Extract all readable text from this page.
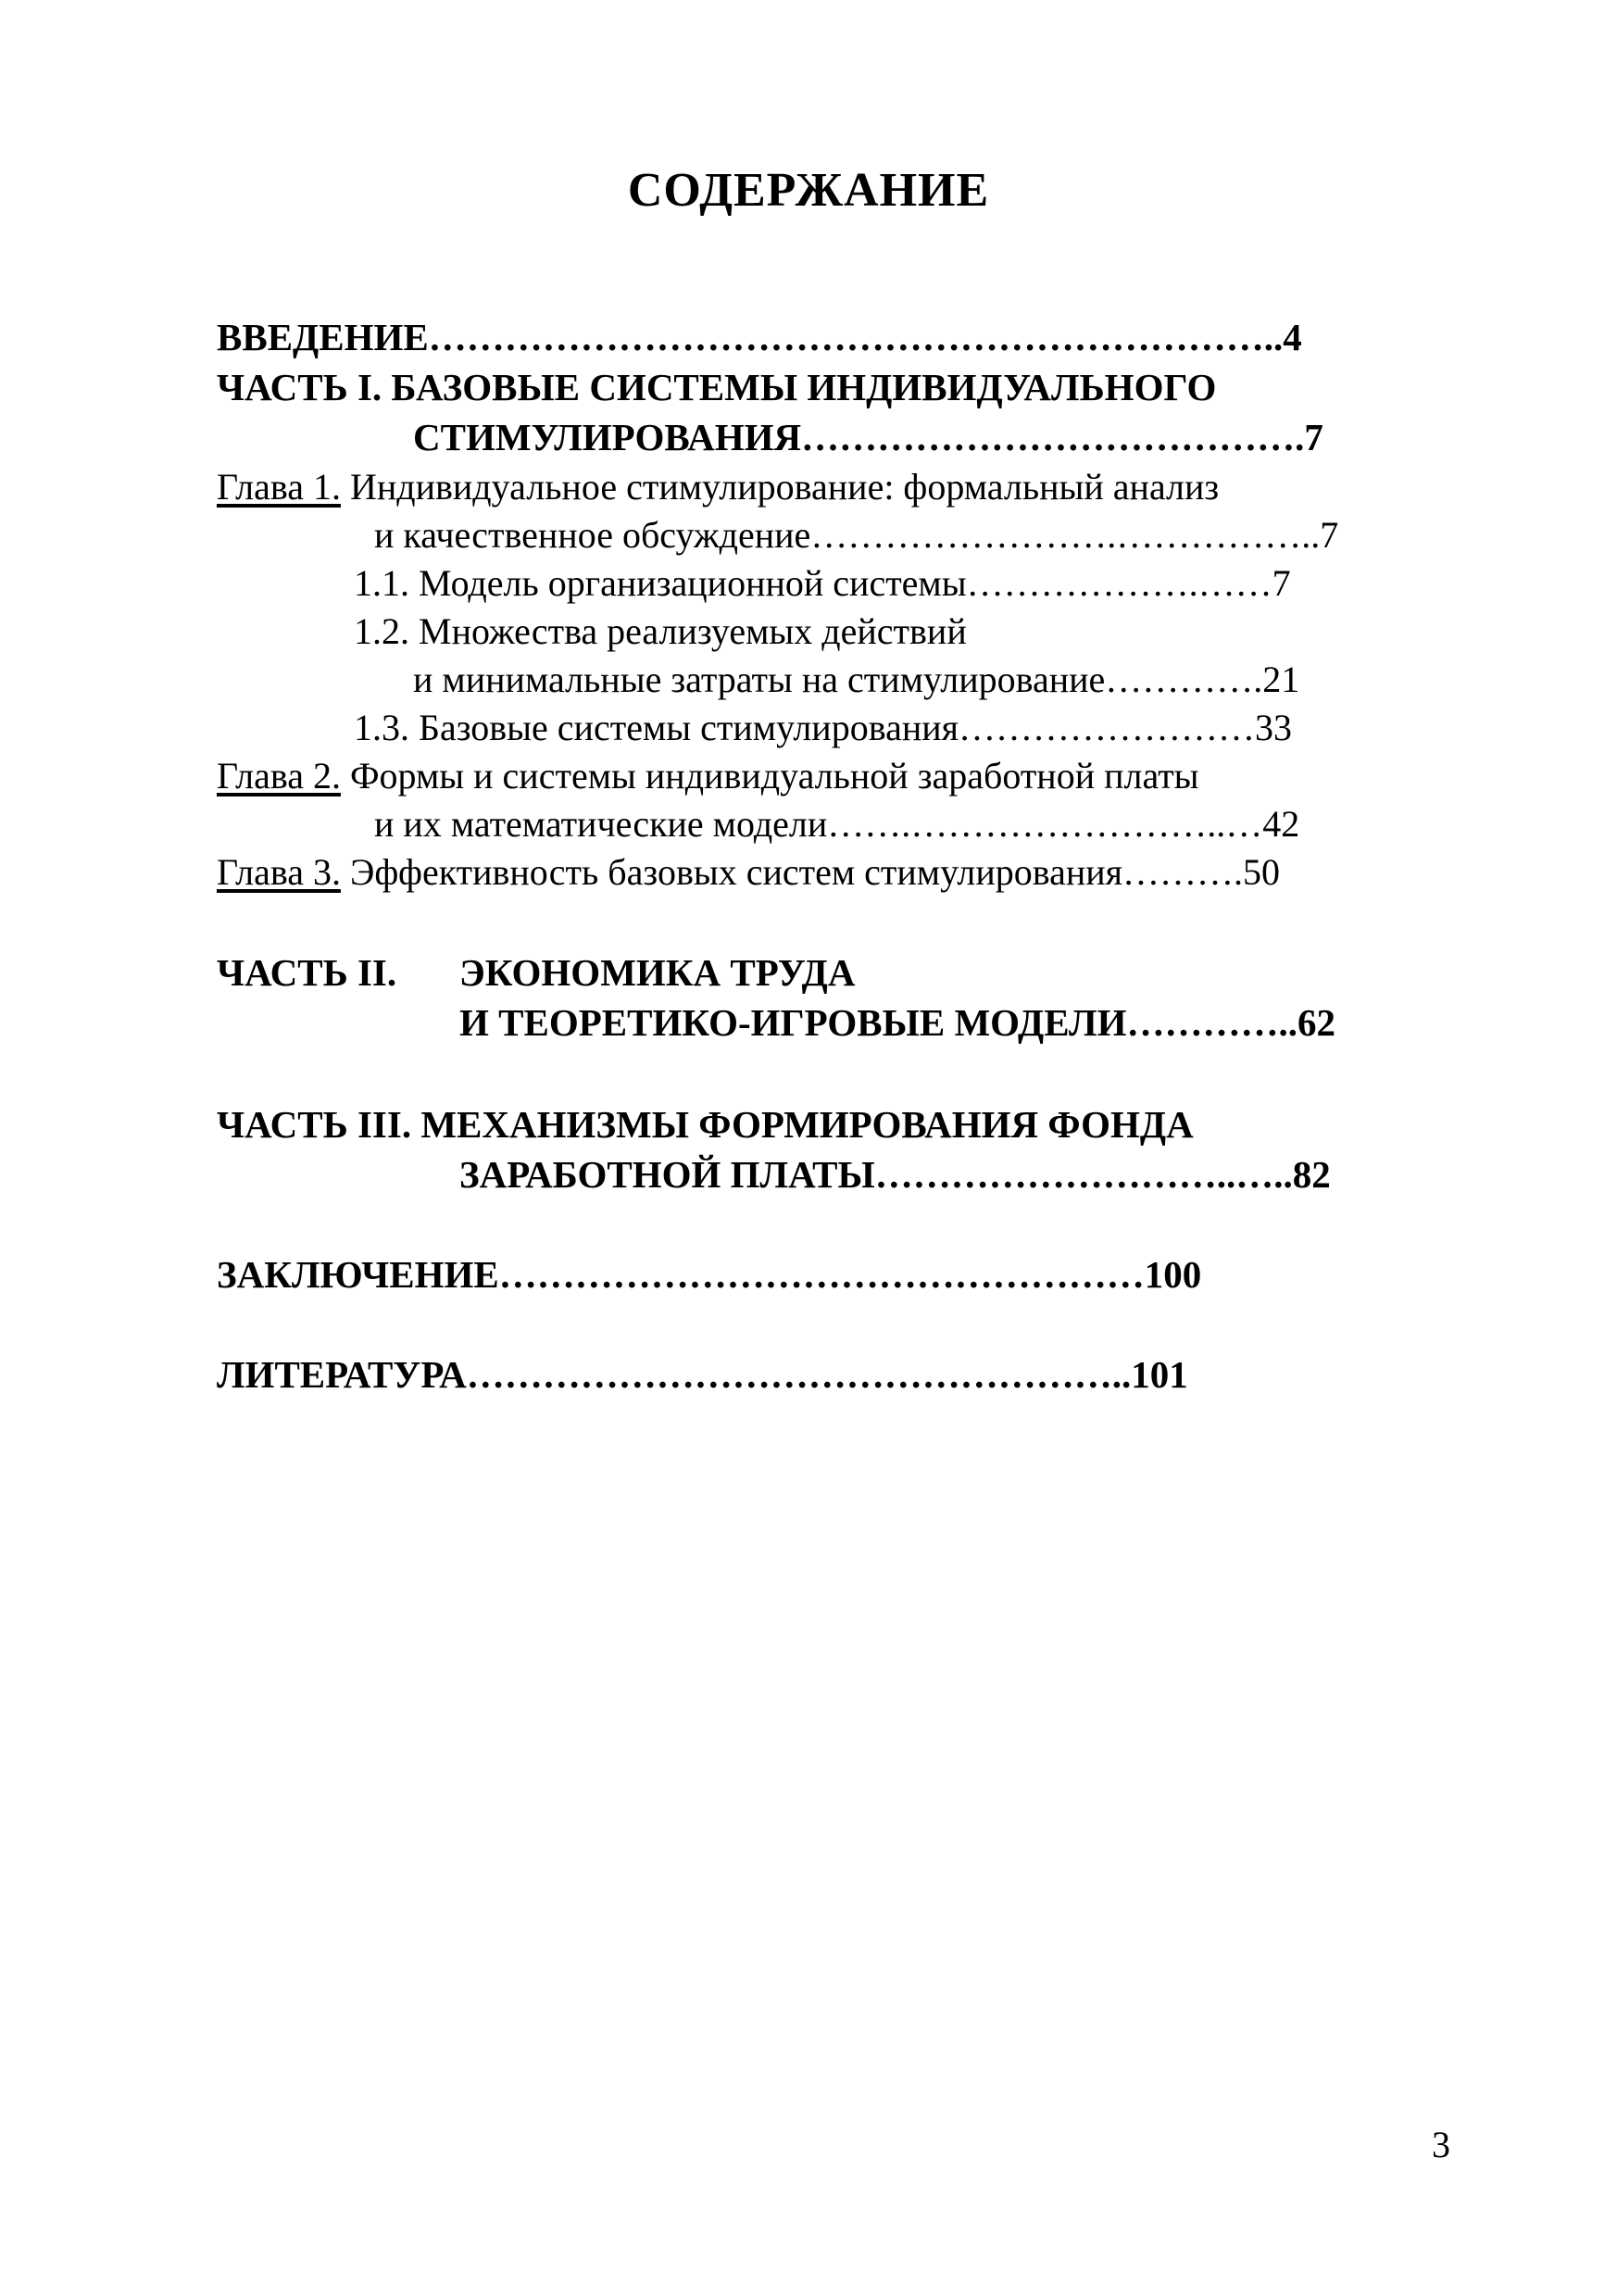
СОДЕРЖАНИЕ
ВВЕДЕНИЕ…………………………………………………………..4
ЧАСТЬ I. БАЗОВЫЕ СИСТЕМЫ ИНДИВИДУАЛЬНОГО
СТИМУЛИРОВАНИЯ………………………………….7
Глава 1. Индивидуальное стимулирование: формальный анализ
и качественное обсуждение…………………….……………..7
1.1. Модель организационной системы……………….……7
1.2. Множества реализуемых действий
и минимальные затраты на стимулирование………….21
1.3. Базовые системы стимулирования……………………33
Глава 2. Формы и системы индивидуальной заработной платы
и их математические модели…….……………………..…42
Глава 3. Эффективность базовых систем стимулирования……….50
ЧАСТЬ II. ЭКОНОМИКА ТРУДА
И ТЕОРЕТИКО-ИГРОВЫЕ МОДЕЛИ…………..62
ЧАСТЬ III. МЕХАНИЗМЫ ФОРМИРОВАНИЯ ФОНДА
ЗАРАБОТНОЙ ПЛАТЫ………………………..…..82
ЗАКЛЮЧЕНИЕ……………………………………………100
ЛИТЕРАТУРА……………………………………………..101
3
